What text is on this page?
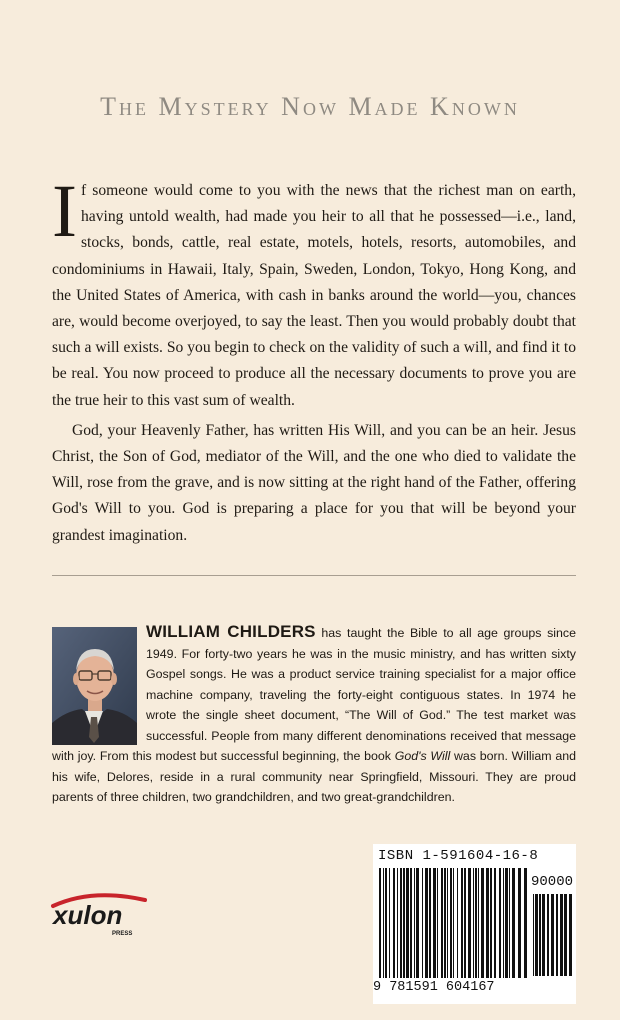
The Mystery Now Made Known

If someone would come to you with the news that the richest man on earth, having untold wealth, had made you heir to all that he possessed—i.e., land, stocks, bonds, cattle, real estate, motels, hotels, resorts, automobiles, and condominiums in Hawaii, Italy, Spain, Sweden, London, Tokyo, Hong Kong, and the United States of America, with cash in banks around the world—you, chances are, would become overjoyed, to say the least. Then you would probably doubt that such a will exists. So you begin to check on the validity of such a will, and find it to be real. You now proceed to produce all the necessary documents to prove you are the true heir to this vast sum of wealth.

God, your Heavenly Father, has written His Will, and you can be an heir. Jesus Christ, the Son of God, mediator of the Will, and the one who died to validate the Will, rose from the grave, and is now sitting at the right hand of the Father, offering God's Will to you. God is preparing a place for you that will be beyond your grandest imagination.

WILLIAM CHILDERS has taught the Bible to all age groups since 1949. For forty-two years he was in the music ministry, and has written sixty Gospel songs. He was a product service training specialist for a major office machine company, traveling the forty-eight contiguous states. In 1974 he wrote the single sheet document, “The Will of God.” The test market was successful. People from many different denominations received that message with joy. From this modest but successful beginning, the book God's Will was born. William and his wife, Delores, reside in a rural community near Springfield, Missouri. They are proud parents of three children, two grandchildren, and two great-grandchildren.
xulon
PRESS
ISBN 1-591604-16-8
90000
9 781591 604167
